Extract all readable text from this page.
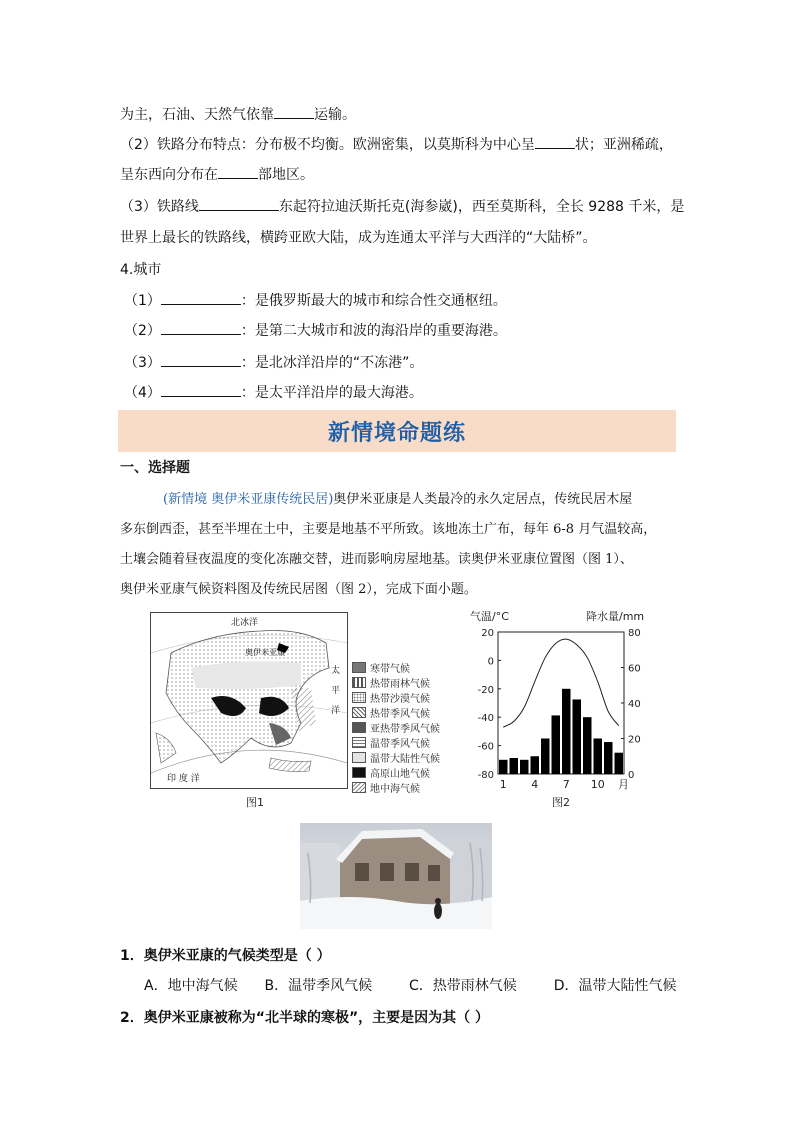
为主，石油、天然气依靠	运输。
（2）铁路分布特点：分布极不均衡。欧洲密集，以莫斯科为中心呈	状；亚洲稀疏，
呈东西向分布在	部地区。
（3）铁路线	东起符拉迪沃斯托克(海参崴)，西至莫斯科，全长 9288 千米，是
世界上最长的铁路线，横跨亚欧大陆，成为连通太平洋与大西洋的“大陆桥”。
4.城市
（1）	：是俄罗斯最大的城市和综合性交通枢纽。
（2）	：是第二大城市和波的海沿岸的重要海港。
（3）	：是北冰洋沿岸的“不冻港”。
（4）	：是太平洋沿岸的最大海港。
新情境命题练
一、选择题
(新情境 奥伊米亚康传统民居)奥伊米亚康是人类最冷的永久定居点，传统民居木屋
多东倒西歪，甚至半埋在土中，主要是地基不平所致。该地冻土广布，每年 6-8 月气温较高，
土壤会随着昼夜温度的变化冻融交替，进而影响房屋地基。读奥伊米亚康位置图（图 1）、
奥伊米亚康气候资料图及传统民居图（图 2），完成下面小题。
北冰洋
奥伊米亚康
太
平
洋
印 度 洋
寒带气候
热带雨林气候
热带沙漠气候
热带季风气候
亚热带季风气候
温带季风气候
温带大陆性气候
高原山地气候
地中海气候
图1
气温/°C	降水量/mm
20
0
-20
-40
-60
-80
80
60
40
20
0
1 4 7 10 月
图2
1．奥伊米亚康的气候类型是（ ）
A．地中海气候 B．温带季风气候	C．热带雨林气候	D．温带大陆性气候
2．奥伊米亚康被称为“北半球的寒极”，主要是因为其（ ）
